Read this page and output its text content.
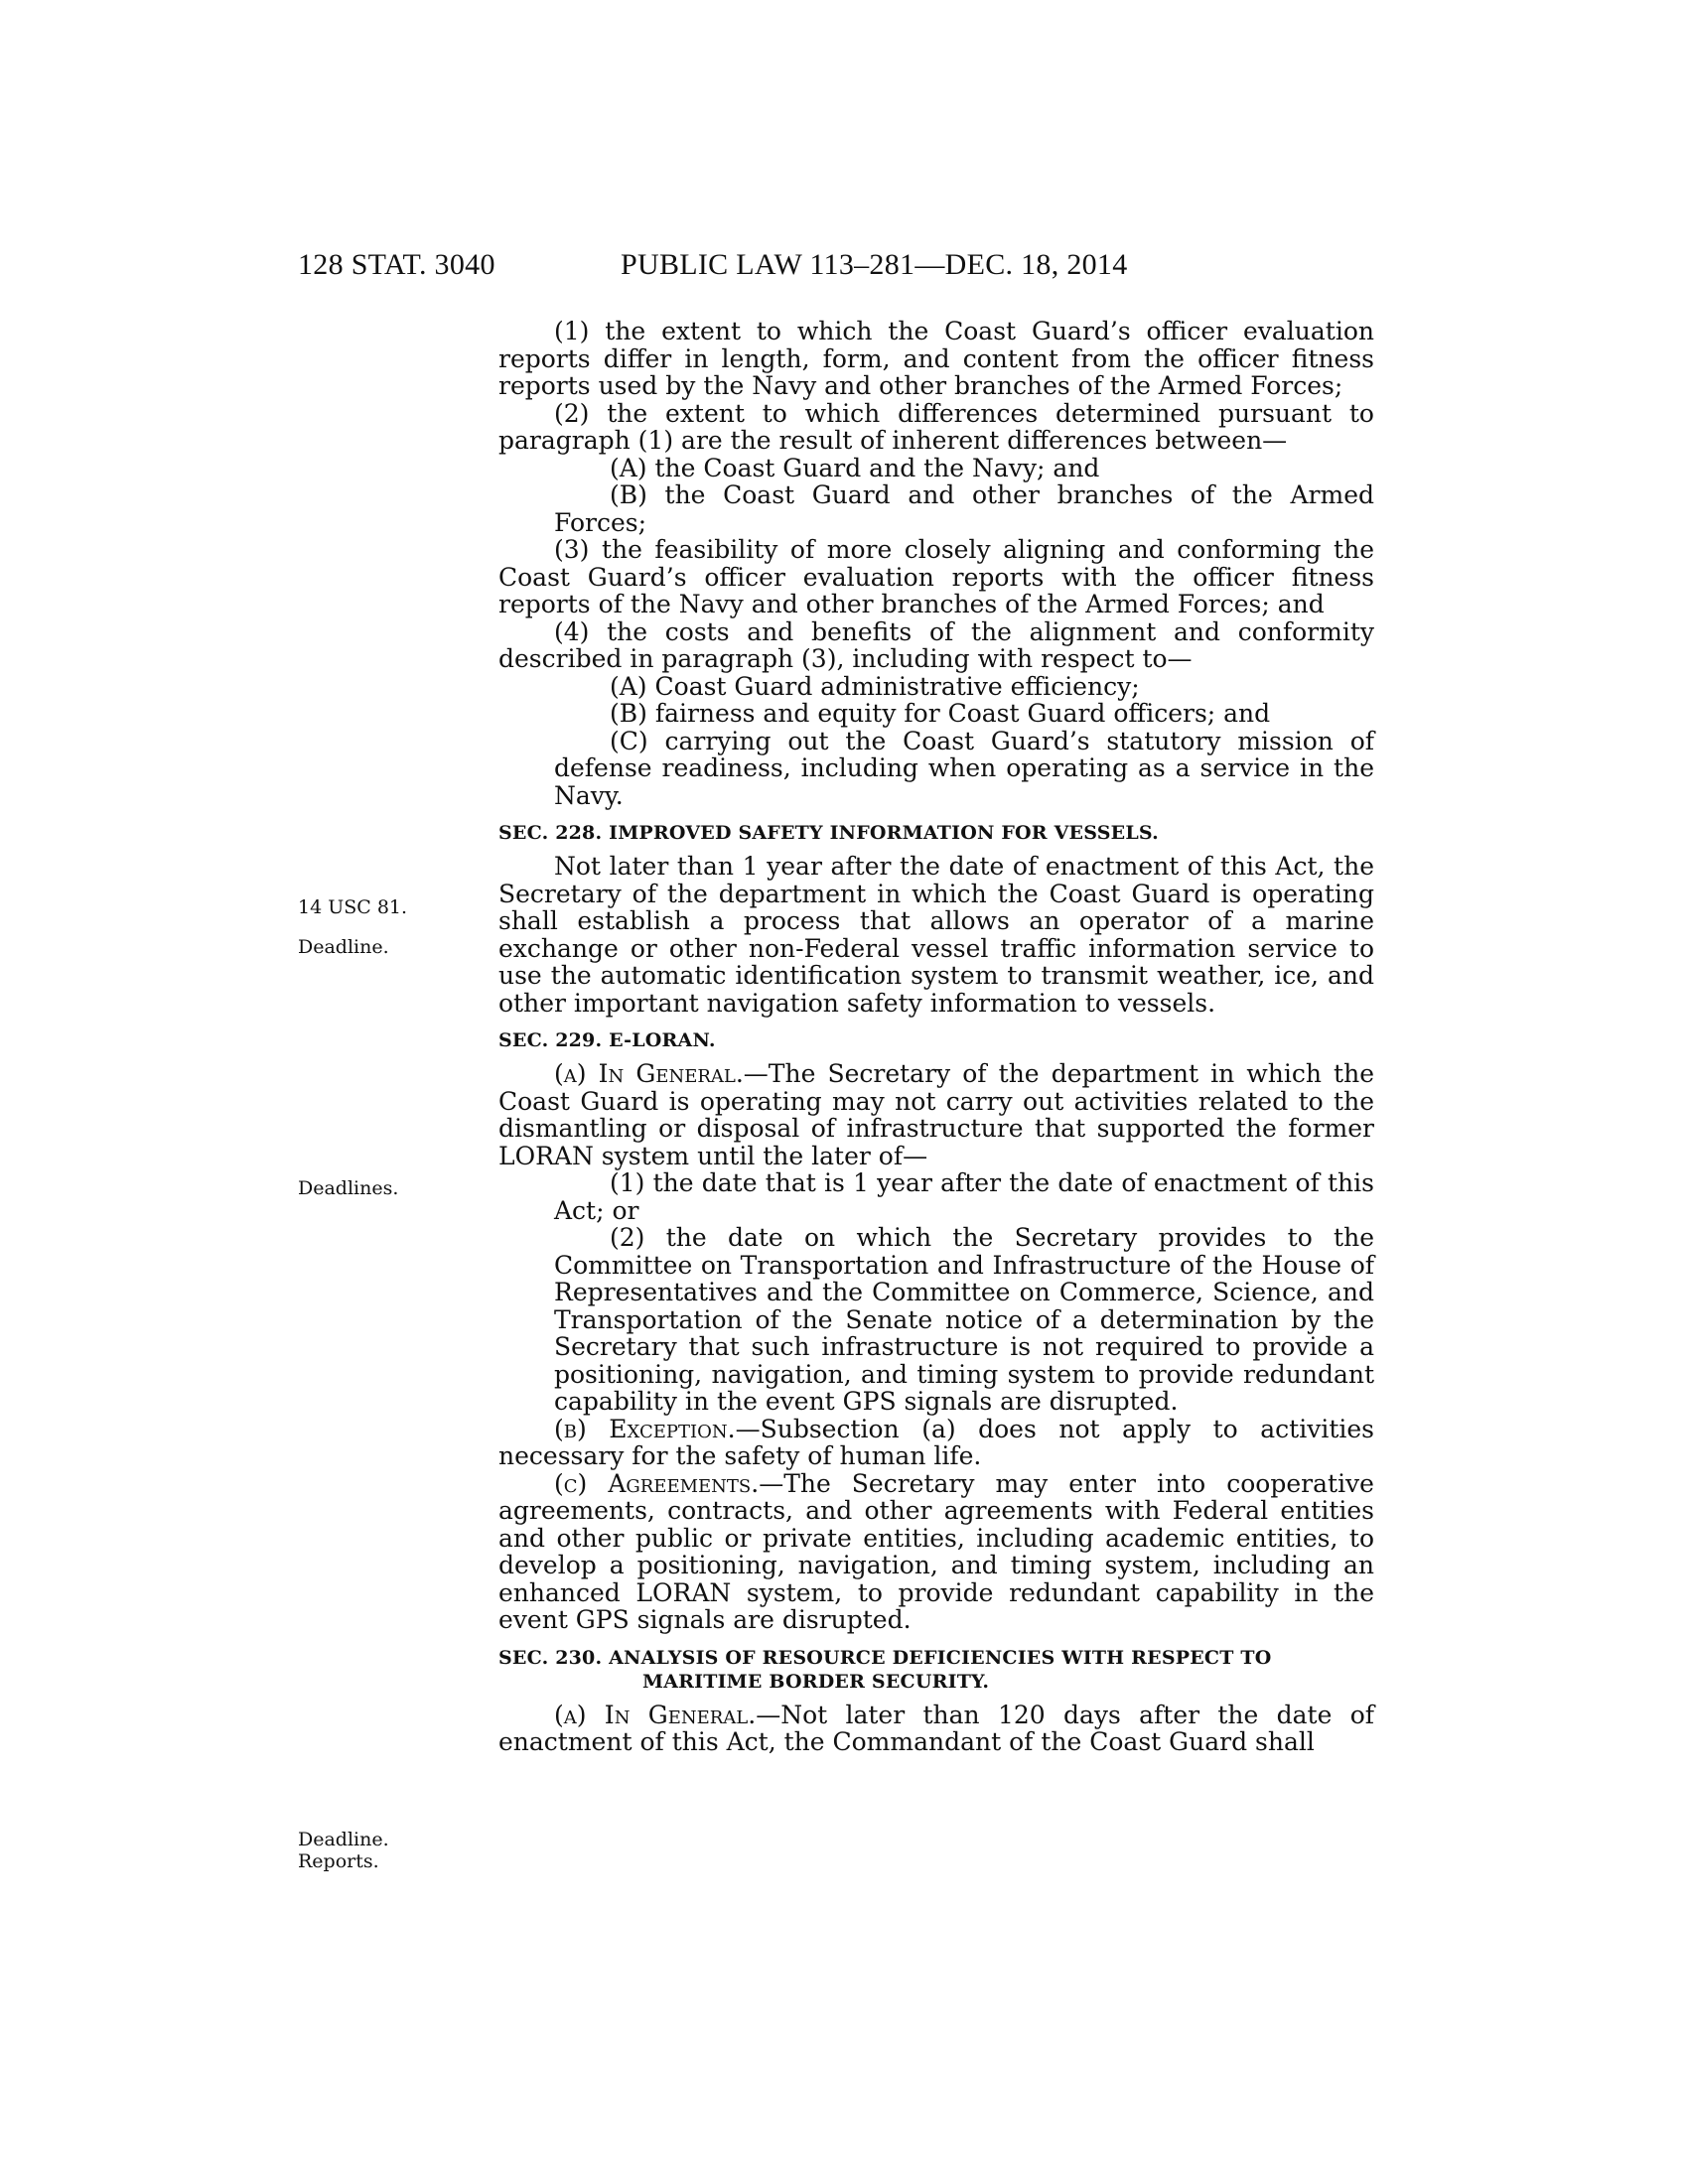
128 STAT. 3040	PUBLIC LAW 113–281—DEC. 18, 2014
14 USC 81.
Deadline.
Deadlines.
Deadline.
Reports.

(1) the extent to which the Coast Guard’s officer evaluation reports differ in length, form, and content from the officer fitness reports used by the Navy and other branches of the Armed Forces;

(2) the extent to which differences determined pursuant to paragraph (1) are the result of inherent differences between—

(A) the Coast Guard and the Navy; and

(B) the Coast Guard and other branches of the Armed Forces;

(3) the feasibility of more closely aligning and conforming the Coast Guard’s officer evaluation reports with the officer fitness reports of the Navy and other branches of the Armed Forces; and

(4) the costs and benefits of the alignment and conformity described in paragraph (3), including with respect to—

(A) Coast Guard administrative efficiency;

(B) fairness and equity for Coast Guard officers; and

(C) carrying out the Coast Guard’s statutory mission of defense readiness, including when operating as a service in the Navy.

SEC. 228. IMPROVED SAFETY INFORMATION FOR VESSELS.

Not later than 1 year after the date of enactment of this Act, the Secretary of the department in which the Coast Guard is operating shall establish a process that allows an operator of a marine exchange or other non-Federal vessel traffic information service to use the automatic identification system to transmit weather, ice, and other important navigation safety information to vessels.

SEC. 229. E-LORAN.

(a) In General.—The Secretary of the department in which the Coast Guard is operating may not carry out activities related to the dismantling or disposal of infrastructure that supported the former LORAN system until the later of—

(1) the date that is 1 year after the date of enactment of this Act; or

(2) the date on which the Secretary provides to the Committee on Transportation and Infrastructure of the House of Representatives and the Committee on Commerce, Science, and Transportation of the Senate notice of a determination by the Secretary that such infrastructure is not required to provide a positioning, navigation, and timing system to provide redundant capability in the event GPS signals are disrupted.

(b) Exception.—Subsection (a) does not apply to activities necessary for the safety of human life.

(c) Agreements.—The Secretary may enter into cooperative agreements, contracts, and other agreements with Federal entities and other public or private entities, including academic entities, to develop a positioning, navigation, and timing system, including an enhanced LORAN system, to provide redundant capability in the event GPS signals are disrupted.

SEC. 230. ANALYSIS OF RESOURCE DEFICIENCIES WITH RESPECT TO
MARITIME BORDER SECURITY.

(a) In General.—Not later than 120 days after the date of enactment of this Act, the Commandant of the Coast Guard shall
